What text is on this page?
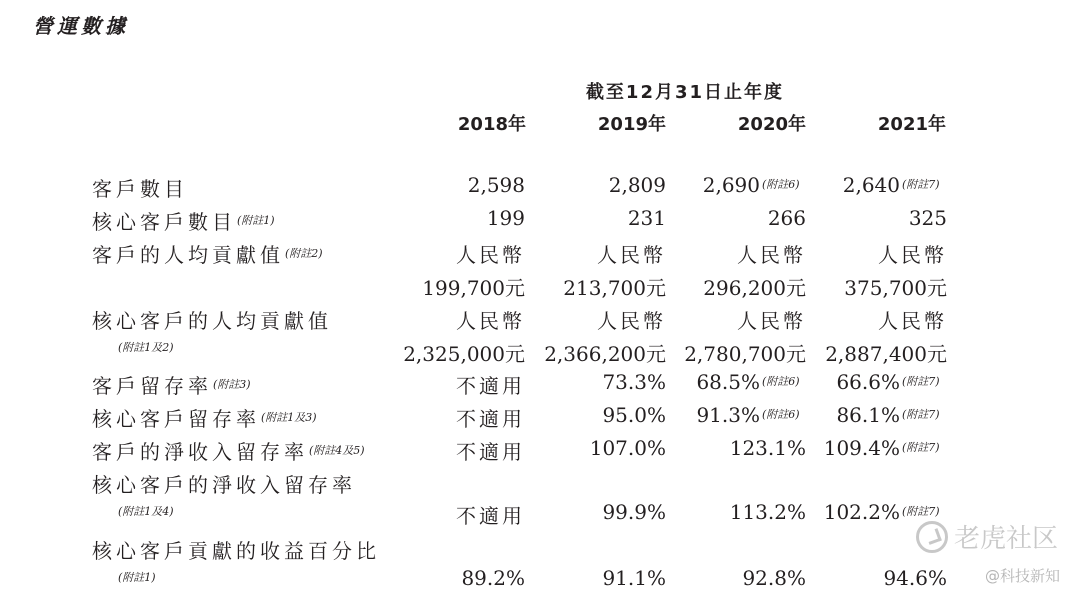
營運數據
截至12月31日止年度
2018年	2019年	2020年	2021年
客戶數目	2,598	2,809 2,690 (附註6) 2,640 (附註7)
核心客戶數目$^{(附註1)}$	199	231	266	325
客戶的人均貢獻值$^{(附註2)}$	人民幣	人民幣	人民幣	人民幣
199,700元 213,700元 296,200元 375,700元
核心客戶的人均貢獻值
(附註1及2)
人民幣	人民幣	人民幣	人民幣
2,325,000元 2,366,200元 2,780,700元 2,887,400元
客戶留存率$^{(附註3)}$	不適用	73.3% 68.5% (附註6) 66.6% (附註7)
核心客戶留存率$^{(附註1及3)}$	不適用	95.0% 91.3% (附註6) 86.1% (附註7)
客戶的淨收入留存率$^{(附註4及5)}$	不適用	107.0%	123.1% 109.4% (附註7)
核心客戶的淨收入留存率
(附註1及4)	不適用	99.9%	113.2% 102.2% (附註7)
核心客戶貢獻的收益百分比
(附註1)	89.2%	91.1%	92.8%	94.6%
老虎社区
@科技新知
